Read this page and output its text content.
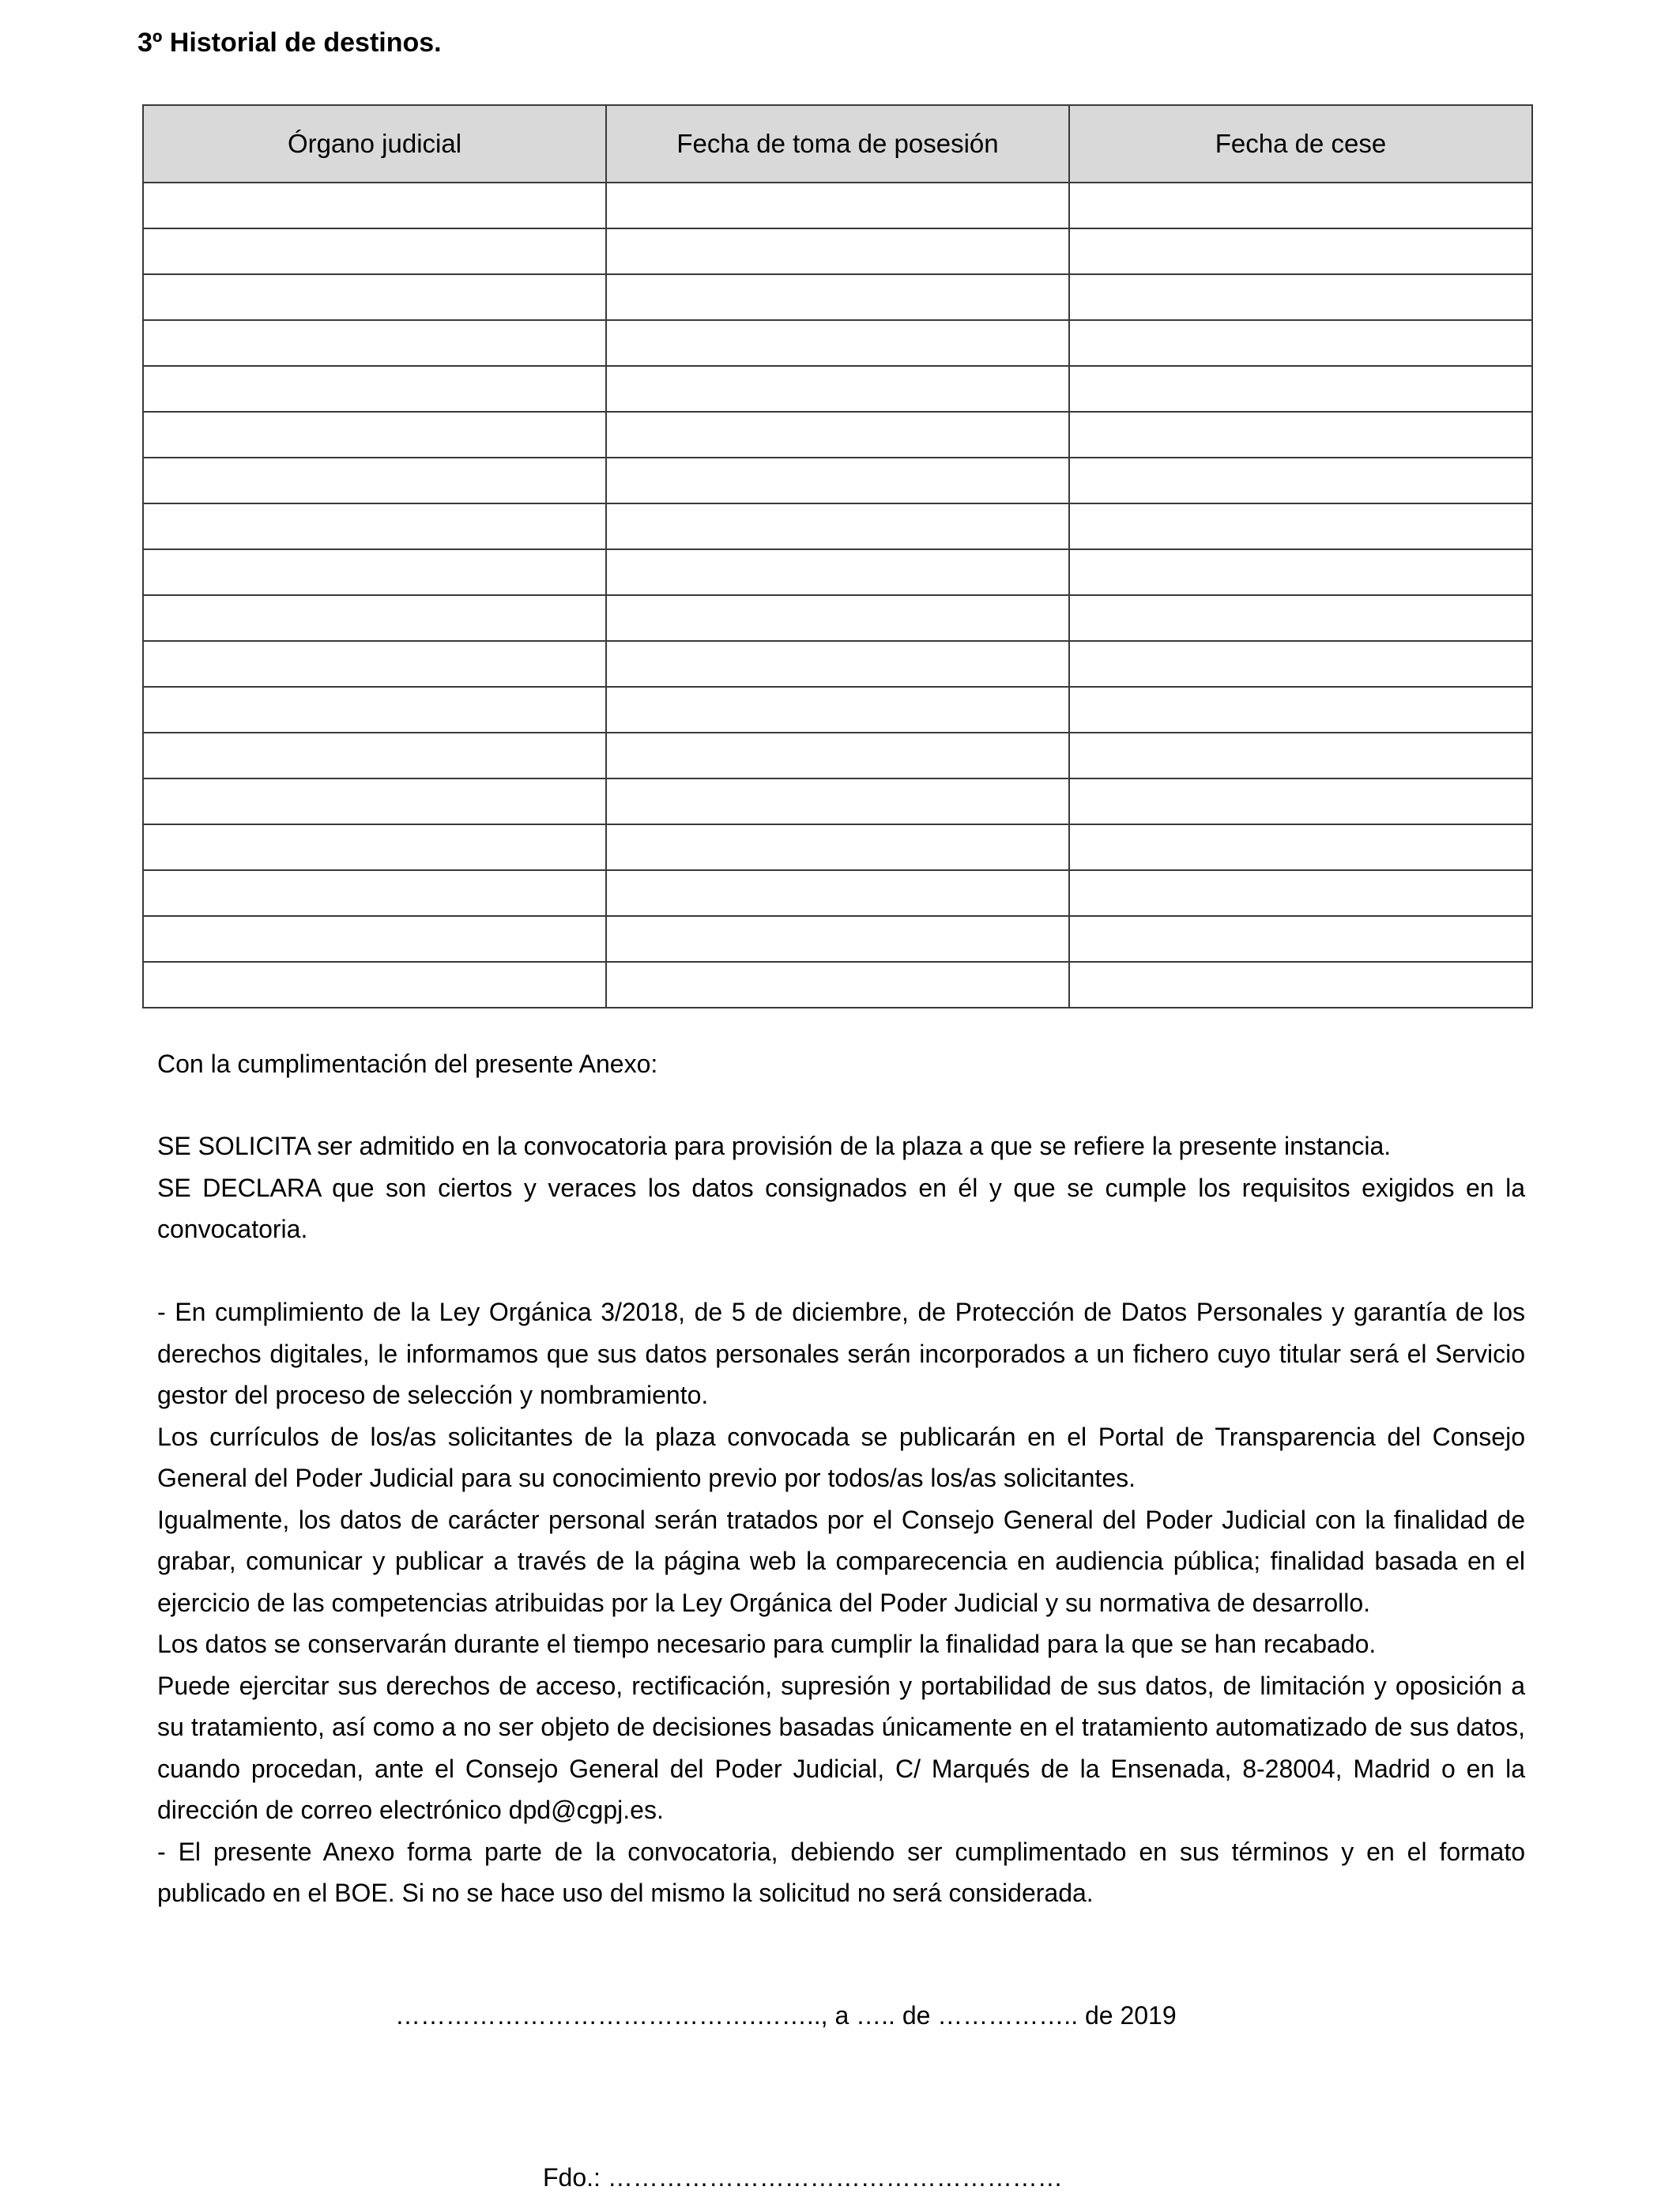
3º Historial de destinos.
Órgano judicial	Fecha de toma de posesión	Fecha de cese

Con la cumplimentación del presente Anexo:

SE SOLICITA ser admitido en la convocatoria para provisión de la plaza a que se refiere la presente instancia.

SE DECLARA que son ciertos y veraces los datos consignados en él y que se cumple los requisitos exigidos en la convocatoria.

- En cumplimiento de la Ley Orgánica 3/2018, de 5 de diciembre, de Protección de Datos Personales y garantía de los derechos digitales, le informamos que sus datos personales serán incorporados a un fichero cuyo titular será el Servicio gestor del proceso de selección y nombramiento.

Los currículos de los/as solicitantes de la plaza convocada se publicarán en el Portal de Transparencia del Consejo General del Poder Judicial para su conocimiento previo por todos/as los/as solicitantes.

Igualmente, los datos de carácter personal serán tratados por el Consejo General del Poder Judicial con la finalidad de grabar, comunicar y publicar a través de la página web la comparecencia en audiencia pública; finalidad basada en el ejercicio de las competencias atribuidas por la Ley Orgánica del Poder Judicial y su normativa de desarrollo.

Los datos se conservarán durante el tiempo necesario para cumplir la finalidad para la que se han recabado.

Puede ejercitar sus derechos de acceso, rectificación, supresión y portabilidad de sus datos, de limitación y oposición a su tratamiento, así como a no ser objeto de decisiones basadas únicamente en el tratamiento automatizado de sus datos, cuando procedan, ante el Consejo General del Poder Judicial, C/ Marqués de la Ensenada, 8-28004, Madrid o en la dirección de correo electrónico dpd@cgpj.es.

- El presente Anexo forma parte de la convocatoria, debiendo ser cumplimentado en sus términos y en el formato publicado en el BOE. Si no se hace uso del mismo la solicitud no será considerada.

…………………………………….…….., a ….. de …………….. de 2019

Fdo.: ………………………………………………
